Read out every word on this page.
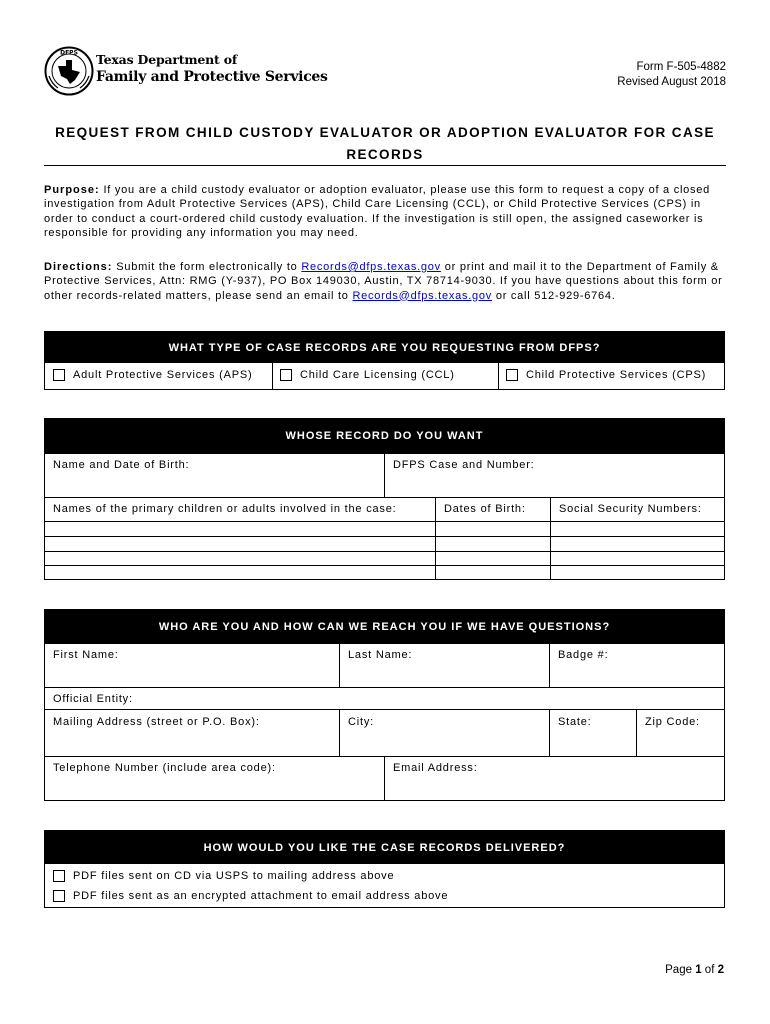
DFPS Texas Department of
Family and Protective Services
Form F-505-4882
Revised August 2018
REQUEST FROM CHILD CUSTODY EVALUATOR OR ADOPTION EVALUATOR FOR CASE
RECORDS
Purpose: If you are a child custody evaluator or adoption evaluator, please use this form to request a copy of a closed investigation from Adult Protective Services (APS), Child Care Licensing (CCL), or Child Protective Services (CPS) in order to conduct a court-ordered child custody evaluation. If the investigation is still open, the assigned caseworker is responsible for providing any information you may need.
Directions: Submit the form electronically to Records@dfps.texas.gov or print and mail it to the Department of Family & Protective Services, Attn: RMG (Y-937), PO Box 149030, Austin, TX 78714-9030. If you have questions about this form or other records-related matters, please send an email to Records@dfps.texas.gov or call 512-929-6764.
WHAT TYPE OF CASE RECORDS ARE YOU REQUESTING FROM DFPS?
Adult Protective Services (APS)	Child Care Licensing (CCL)	Child Protective Services (CPS)
WHOSE RECORD DO YOU WANT
Name and Date of Birth:	DFPS Case and Number:
Names of the primary children or adults involved in the case:	Dates of Birth:	Social Security Numbers:
WHO ARE YOU AND HOW CAN WE REACH YOU IF WE HAVE QUESTIONS?
First Name:	Last Name:	Badge #:
Official Entity:
Mailing Address (street or P.O. Box):	City:	State:	Zip Code:
Telephone Number (include area code):	Email Address:
HOW WOULD YOU LIKE THE CASE RECORDS DELIVERED?
PDF files sent on CD via USPS to mailing address above
PDF files sent as an encrypted attachment to email address above
Page 1 of 2
